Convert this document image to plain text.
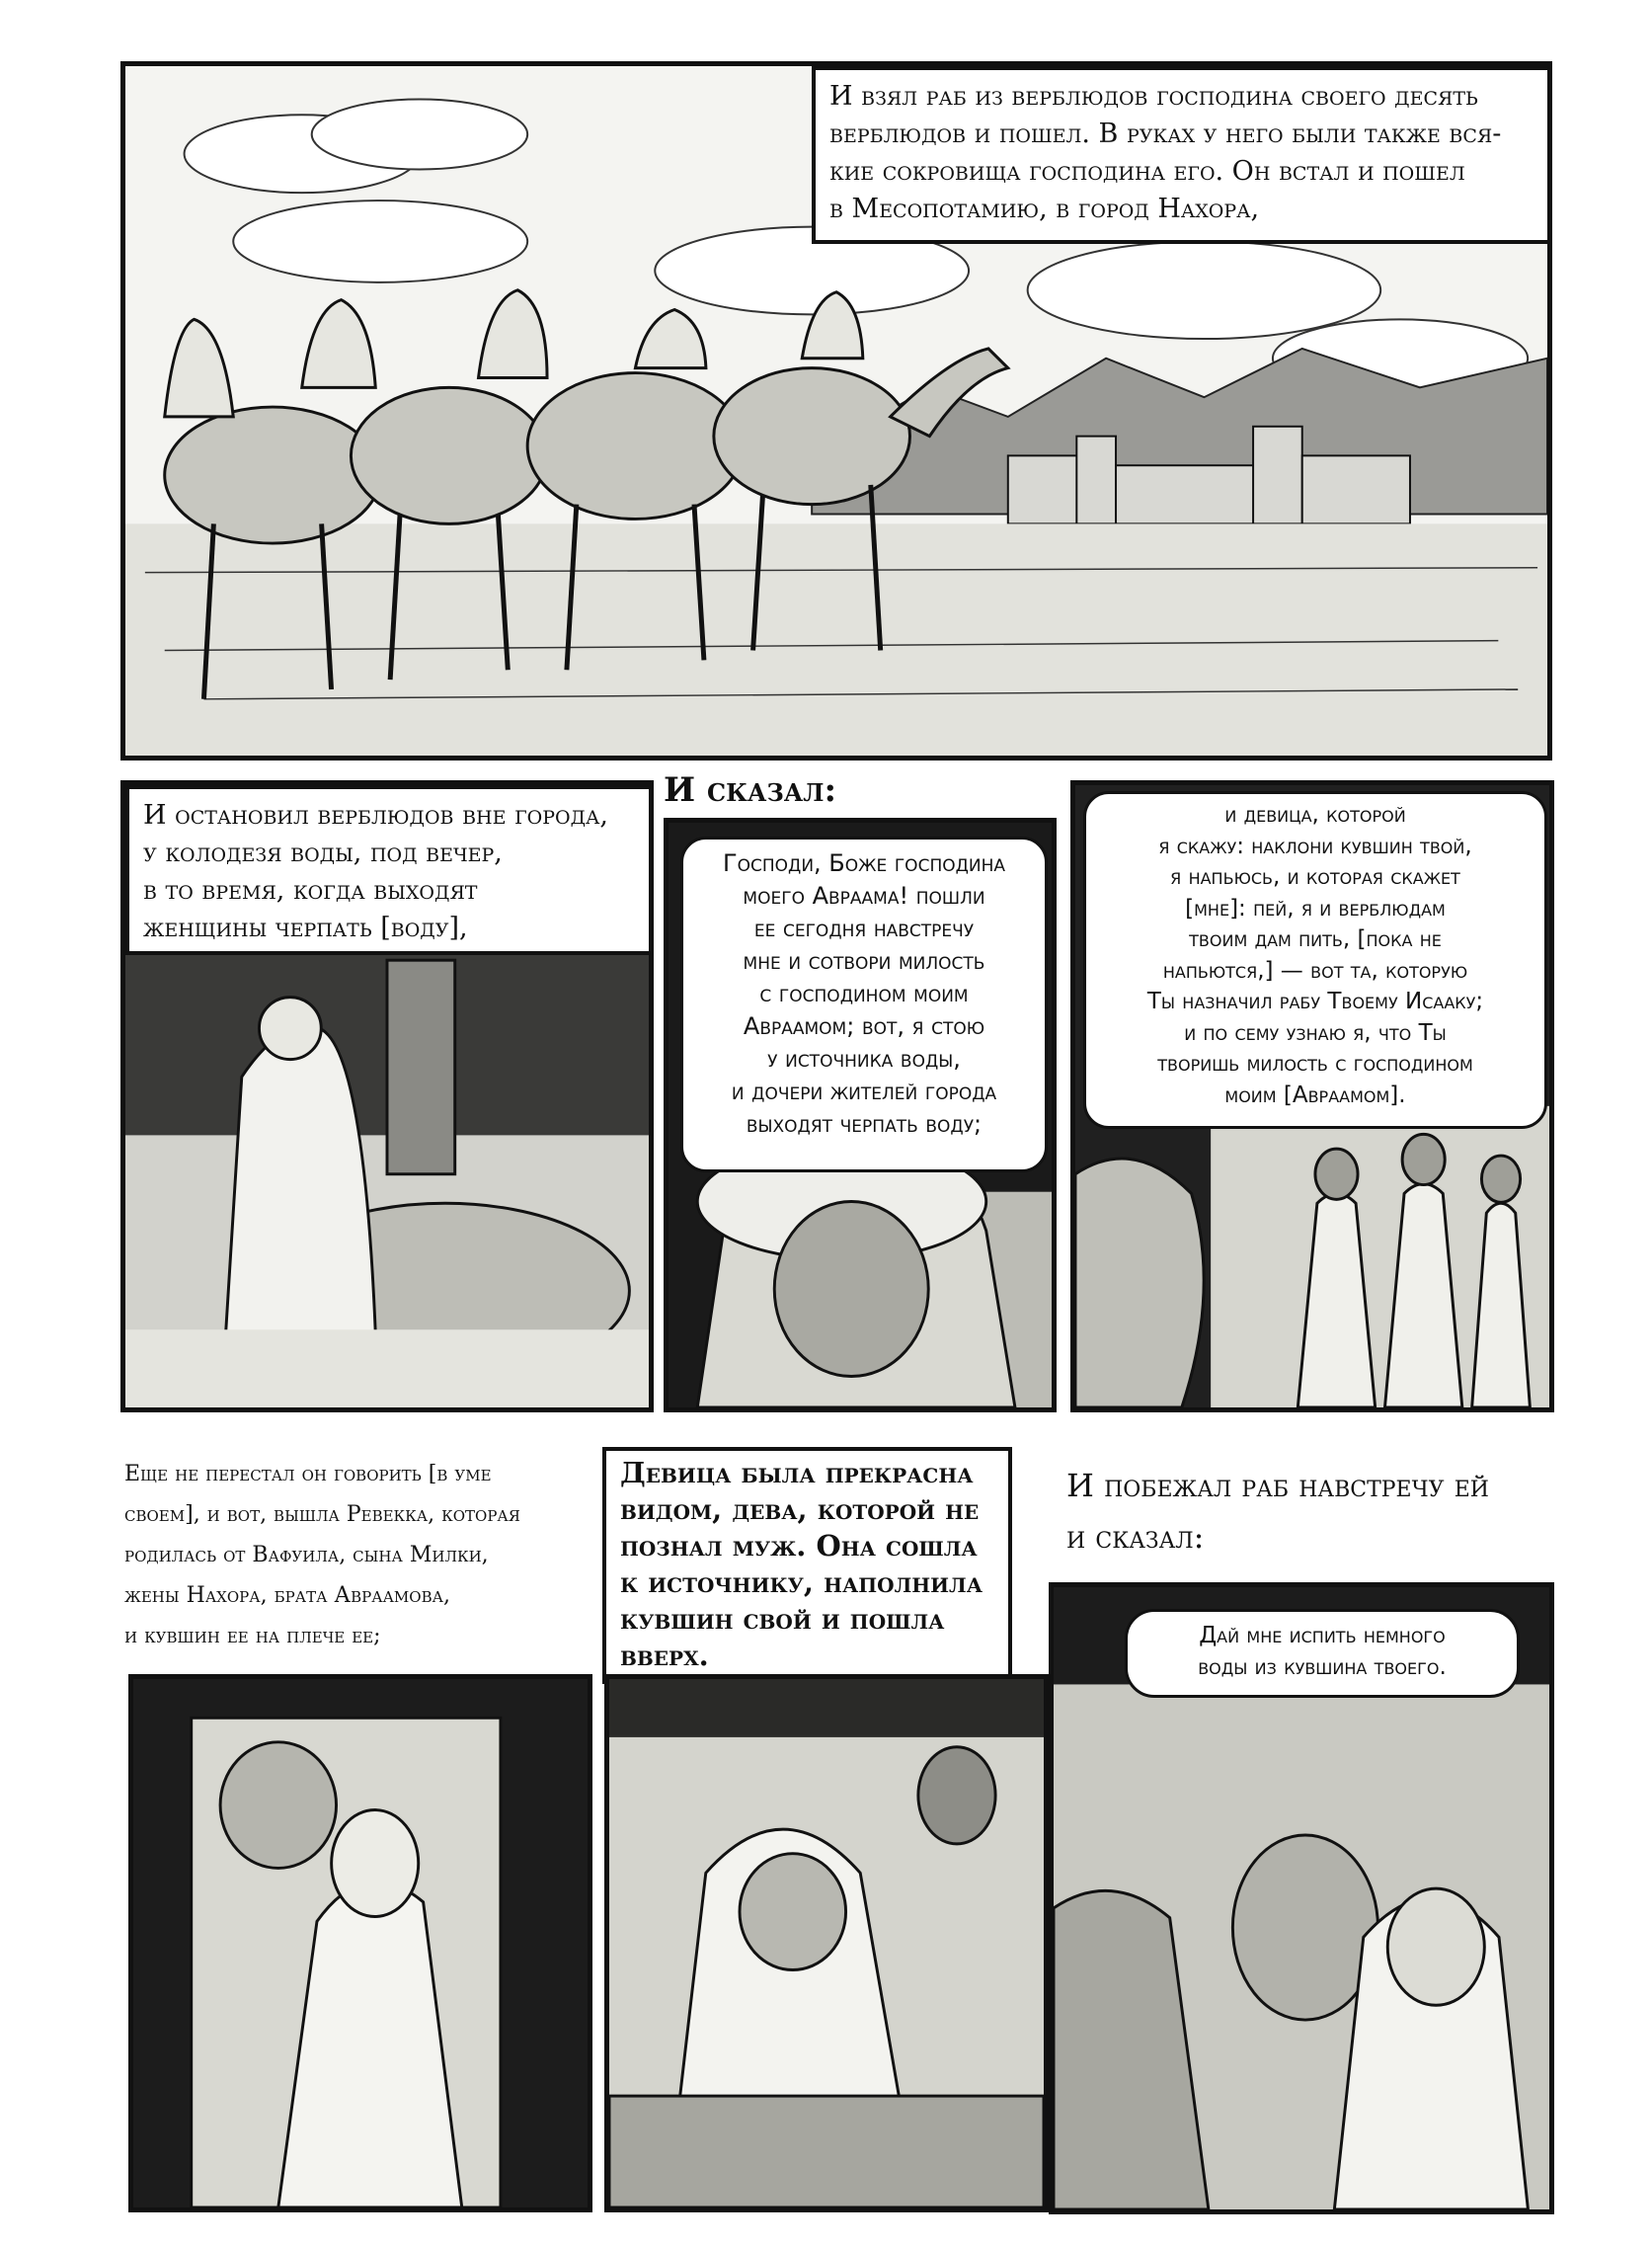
И взял раб из верблюдов господина своего десять
верблюдов и пошел. В руках у него были также вся-
кие сокровища господина его. Он встал и пошел
в Месопотамию, в город Нахора,
И остановил верблюдов вне города,
у колодезя воды, под вечер,
в то время, когда выходят
женщины черпать [воду],
И сказал:
Господи, Боже господина
моего Авраама! пошли
ее сегодня навстречу
мне и сотвори милость
с господином моим
Авраамом; вот, я стою
у источника воды,
и дочери жителей города
выходят черпать воду;
и девица, которой
я скажу: наклони кувшин твой,
я напьюсь, и которая скажет
[мне]: пей, я и верблюдам
твоим дам пить, [пока не
напьются,] — вот та, которую
Ты назначил рабу Твоему Исааку;
и по сему узнаю я, что Ты
творишь милость с господином
моим [Авраамом].
Еще не перестал он говорить [в уме
своем], и вот, вышла Ревекка, которая
родилась от Вафуила, сына Милки,
жены Нахора, брата Авраамова,
и кувшин ее на плече ее;
Девица была прекрасна
видом, дева, которой не
познал муж. Она сошла
к источнику, наполнила
кувшин свой и пошла
вверх.
И побежал раб навстречу ей
и сказал:
Дай мне испить немного
воды из кувшина твоего.
